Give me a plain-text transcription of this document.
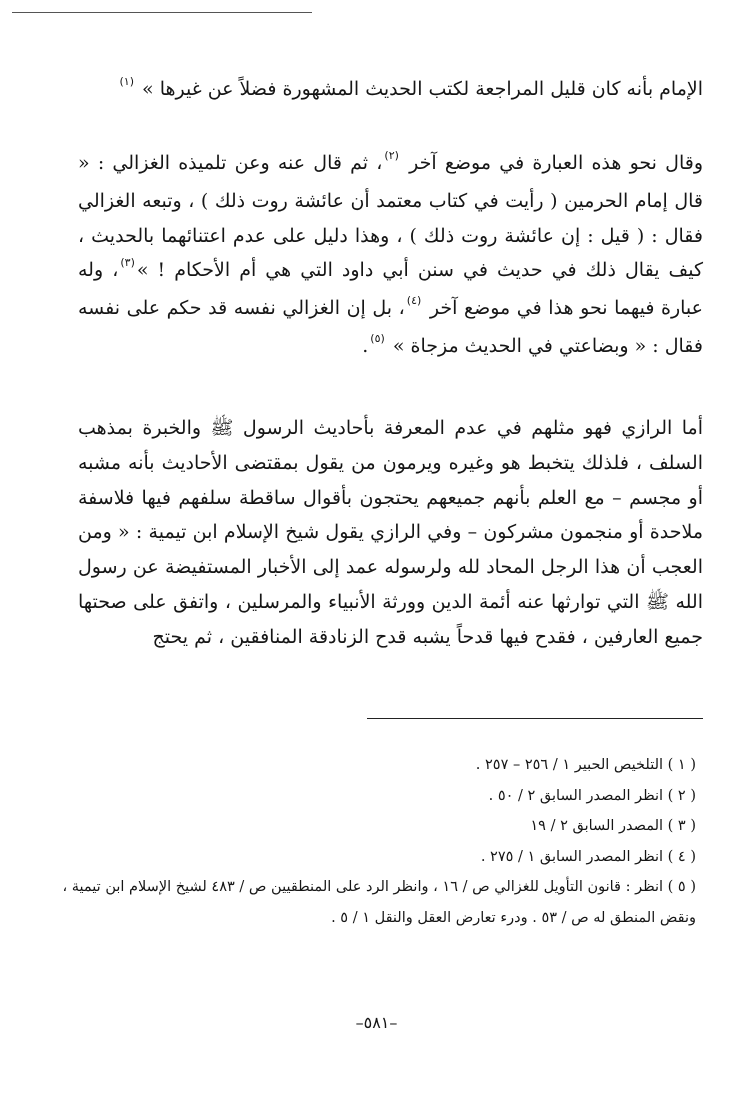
الإمام بأنه كان قليل المراجعة لكتب الحديث المشهورة فضلاً عن غيرها » $^{(١)}$
وقال نحو هذه العبارة في موضع آخر $^{(٢)}$، ثم قال عنه وعن تلميذه الغزالي : « قال إمام الحرمين ( رأيت في كتاب معتمد أن عائشة روت ذلك ) ، وتبعه الغزالي فقال : ( قيل : إن عائشة روت ذلك ) ، وهذا دليل على عدم اعتنائهما بالحديث ، كيف يقال ذلك في حديث في سنن أبي داود التي هي أم الأحكام ! »$^{(٣)}$، وله عبارة فيهما نحو هذا في موضع آخر $^{(٤)}$، بل إن الغزالي نفسه قد حكم على نفسه فقال : « وبضاعتي في الحديث مزجاة » $^{(٥)}$.
أما الرازي فهو مثلهم في عدم المعرفة بأحاديث الرسول ﷺ والخبرة بمذهب السلف ، فلذلك يتخبط هو وغيره ويرمون من يقول بمقتضى الأحاديث بأنه مشبه أو مجسم – مع العلم بأنهم جميعهم يحتجون بأقوال ساقطة سلفهم فيها فلاسفة ملاحدة أو منجمون مشركون – وفي الرازي يقول شيخ الإسلام ابن تيمية : « ومن العجب أن هذا الرجل المحاد لله ولرسوله عمد إلى الأخبار المستفيضة عن رسول الله ﷺ التي توارثها عنه أئمة الدين وورثة الأنبياء والمرسلين ، واتفق على صحتها جميع العارفين ، فقدح فيها قدحاً يشبه قدح الزنادقة المنافقين ، ثم يحتج

( ١ ) التلخيص الحبير ١ / ٢٥٦ – ٢٥٧ .

( ٢ ) انظر المصدر السابق ٢ / ٥٠ .

( ٣ ) المصدر السابق ٢ / ١٩

( ٤ ) انظر المصدر السابق ١ / ٢٧٥ .

( ٥ ) انظر : قانون التأويل للغزالي ص / ١٦ ، وانظر الرد على المنطقيين ص / ٤٨٣ لشيخ الإسلام ابن تيمية ، ونقض المنطق له ص / ٥٣ . ودرء تعارض العقل والنقل ١ / ٥ .

–٥٨١–
